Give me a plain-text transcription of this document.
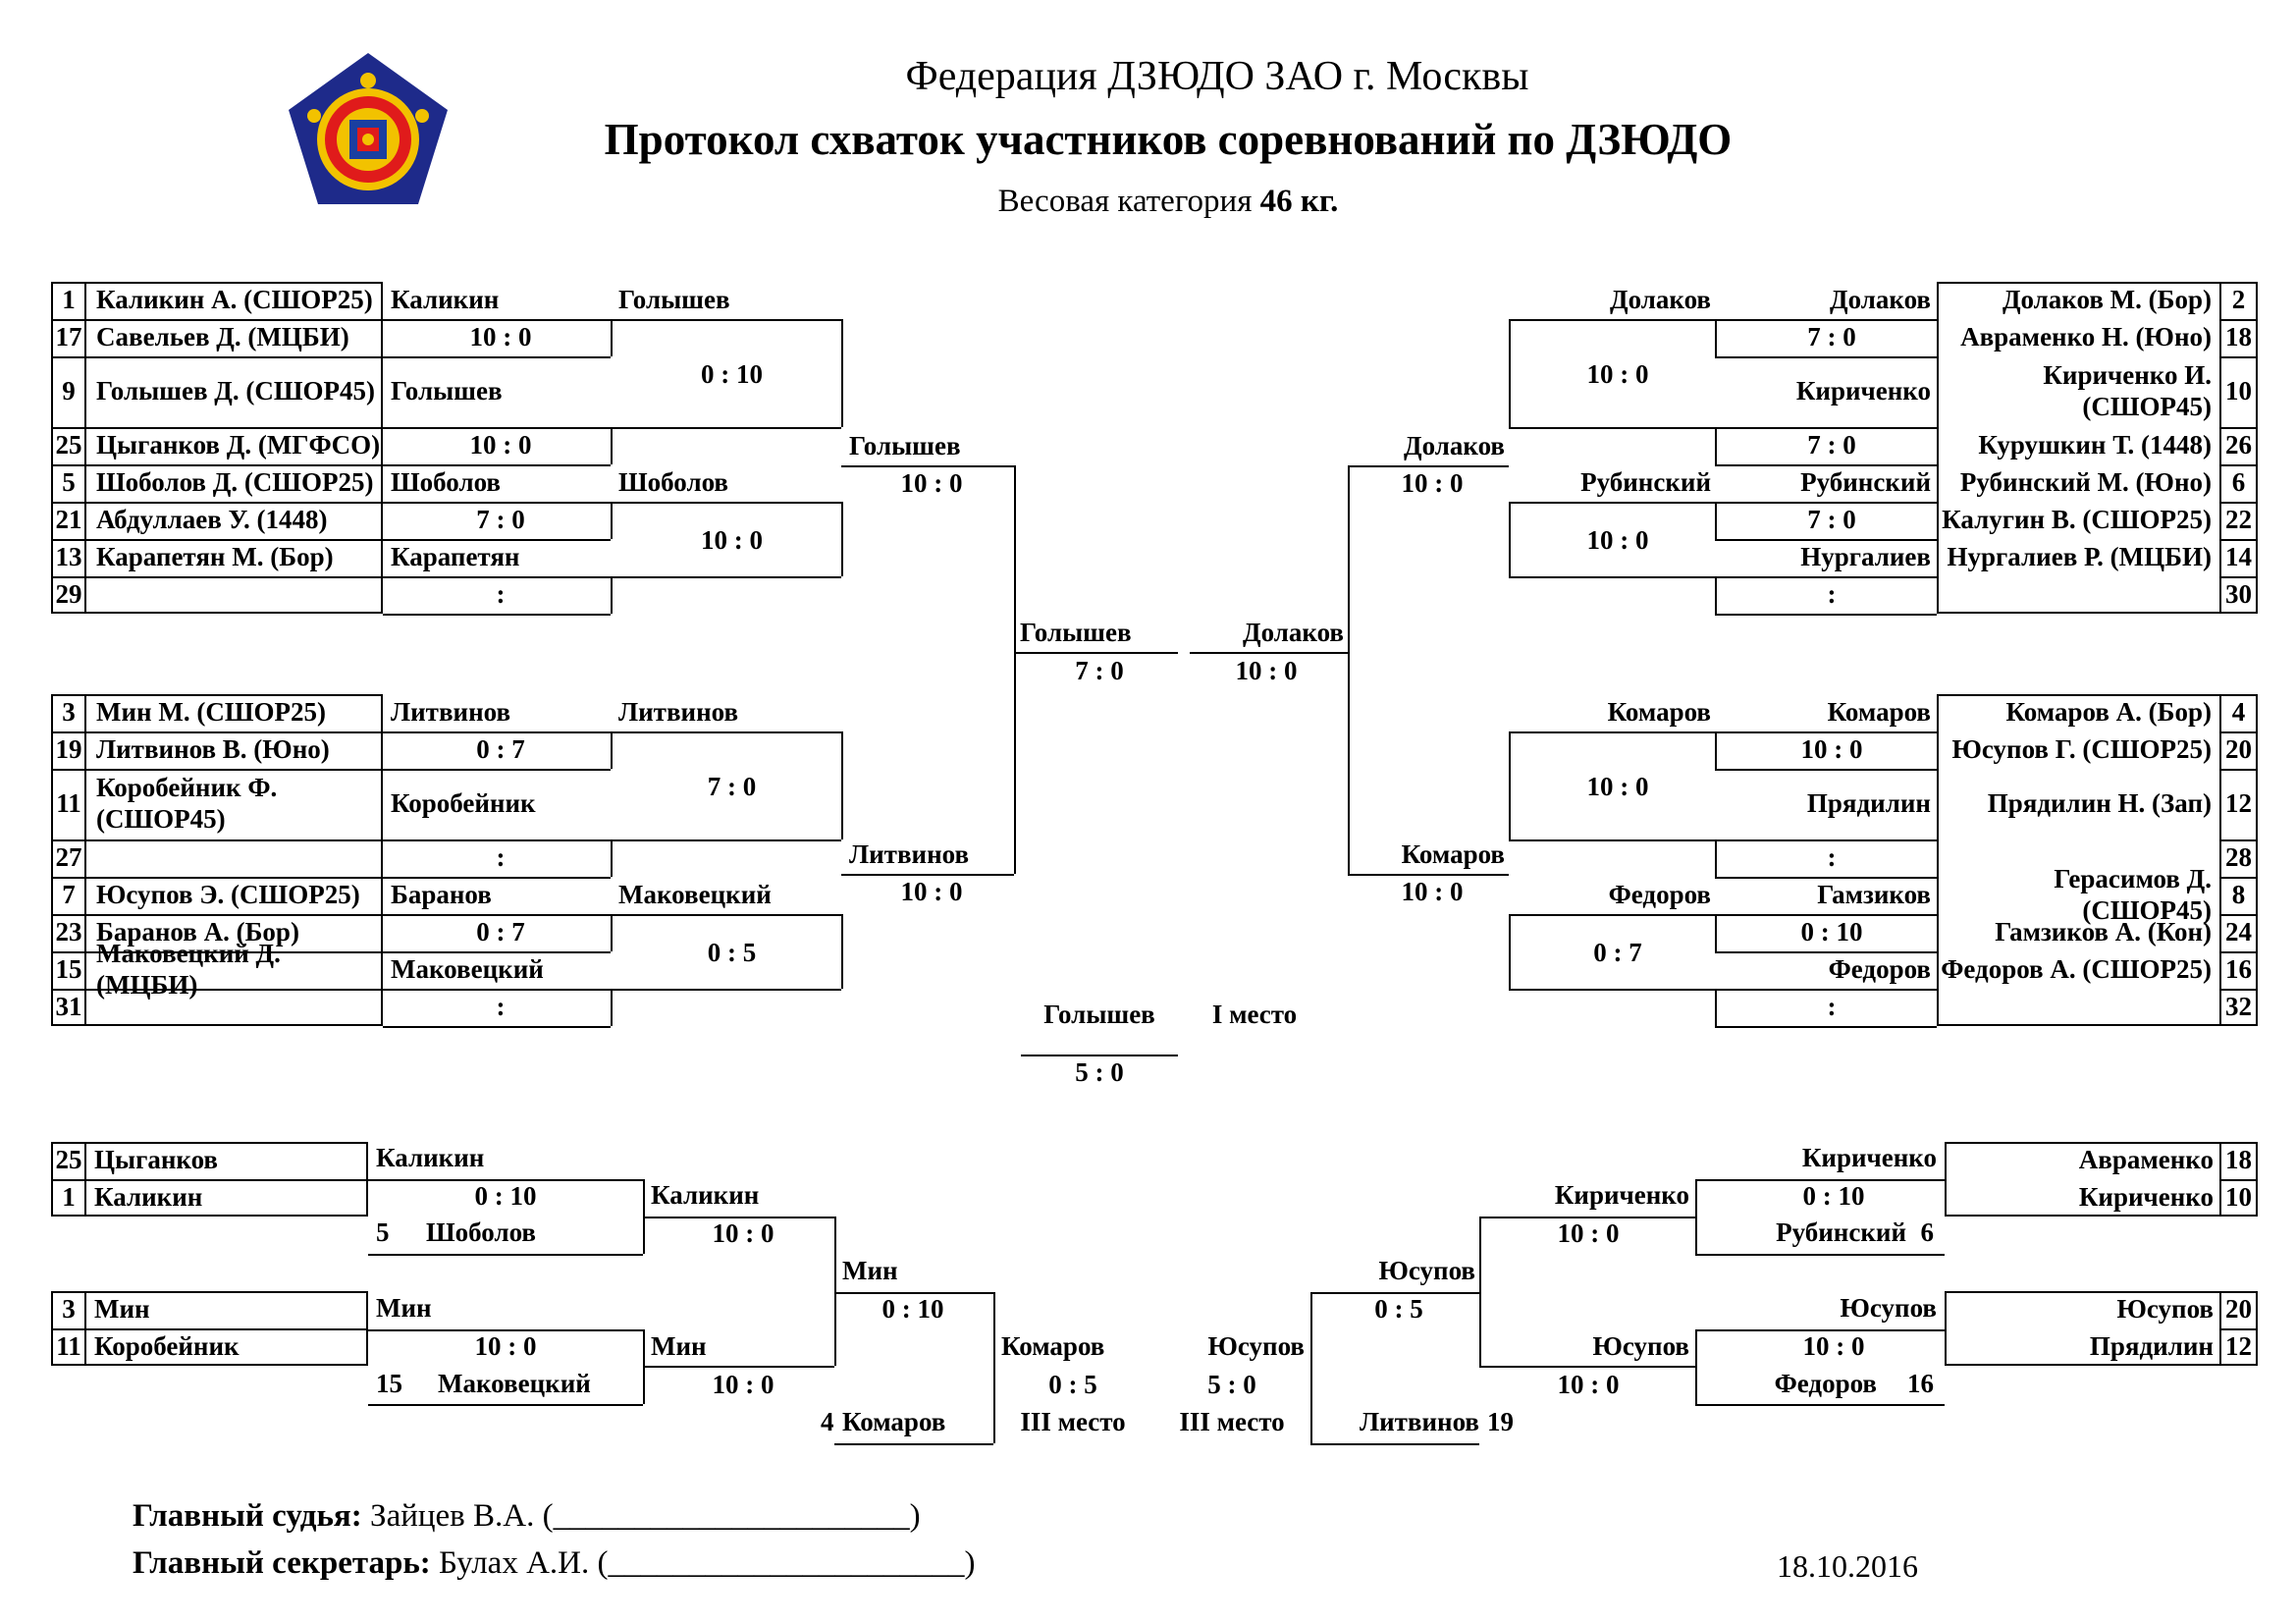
Федерация ДЗЮДО ЗАО г. Москвы
Протокол схваток участников соревнований по ДЗЮДО
Весовая категория 46 кг.
1 Каликин А. (СШОР25)
17 Савельев Д. (МЦБИ)
9 Голышев Д. (СШОР45)
25 Цыганков Д. (МГФСО)
5 Шоболов Д. (СШОР25)
21 Абдуллаев У. (1448)
13 Карапетян М. (Бор)
29
3 Мин М. (СШОР25)
19 Литвинов В. (Юно)
11
Коробейник Ф.
(СШОР45)
27
7 Юсупов Э. (СШОР25)
23 Баранов А. (Бор)
15
Маковецкий Д.
(МЦБИ)
31
2
Долаков М. (Бор)
18
Авраменко Н. (Юно)
10
Кириченко И.
(СШОР45)
26
Курушкин Т. (1448)
6
Рубинский М. (Юно)
22
Калугин В. (СШОР25)
14
Нургалиев Р. (МЦБИ)
30
4
Комаров А. (Бор)
20
Юсупов Г. (СШОР25)
12
Прядилин Н. (Зап)
28
8
Герасимов Д.
(СШОР45)
24
Гамзиков А. (Кон)
16
Федоров А. (СШОР25)
32
Каликин
10 : 0
Голышев
10 : 0
Шоболов
7 : 0
Карапетян
:
Литвинов
0 : 7
Коробейник
:
Баранов
0 : 7
Маковецкий
:
Долаков
7 : 0
Кириченко
7 : 0
Рубинский
7 : 0
Нургалиев
:
Комаров
10 : 0
Прядилин
:
Гамзиков
0 : 10
Федоров
:
Голышев
0 : 10
Шоболов
10 : 0
Литвинов
7 : 0
Маковецкий
0 : 5
Долаков
10 : 0
Рубинский
10 : 0
Комаров
10 : 0
Федоров
0 : 7
Голышев
10 : 0
Литвинов
10 : 0
Долаков
10 : 0
Комаров
10 : 0
Голышев
7 : 0
Долаков
10 : 0
Голышев	I место
5 : 0
25
1
Цыганков
Каликин
3
11
Мин
Коробейник
18
10
Авраменко
Кириченко
20
12
Юсупов
Прядилин
Каликин
0 : 10
5 Шоболов
Каликин
10 : 0
Мин
10 : 0
15 Маковецкий
Мин
10 : 0
Мин
0 : 10
4 Комаров
Комаров
0 : 5
III место
Кириченко
0 : 10
6
Рубинский
Кириченко
10 : 0
Юсупов
10 : 0
16
Федоров
Юсупов
10 : 0
Юсупов
0 : 5
19
Литвинов
Юсупов
5 : 0
III место
Главный судья: Зайцев В.А. (______________________)
Главный секретарь: Булах А.И. (______________________)	18.10.2016
